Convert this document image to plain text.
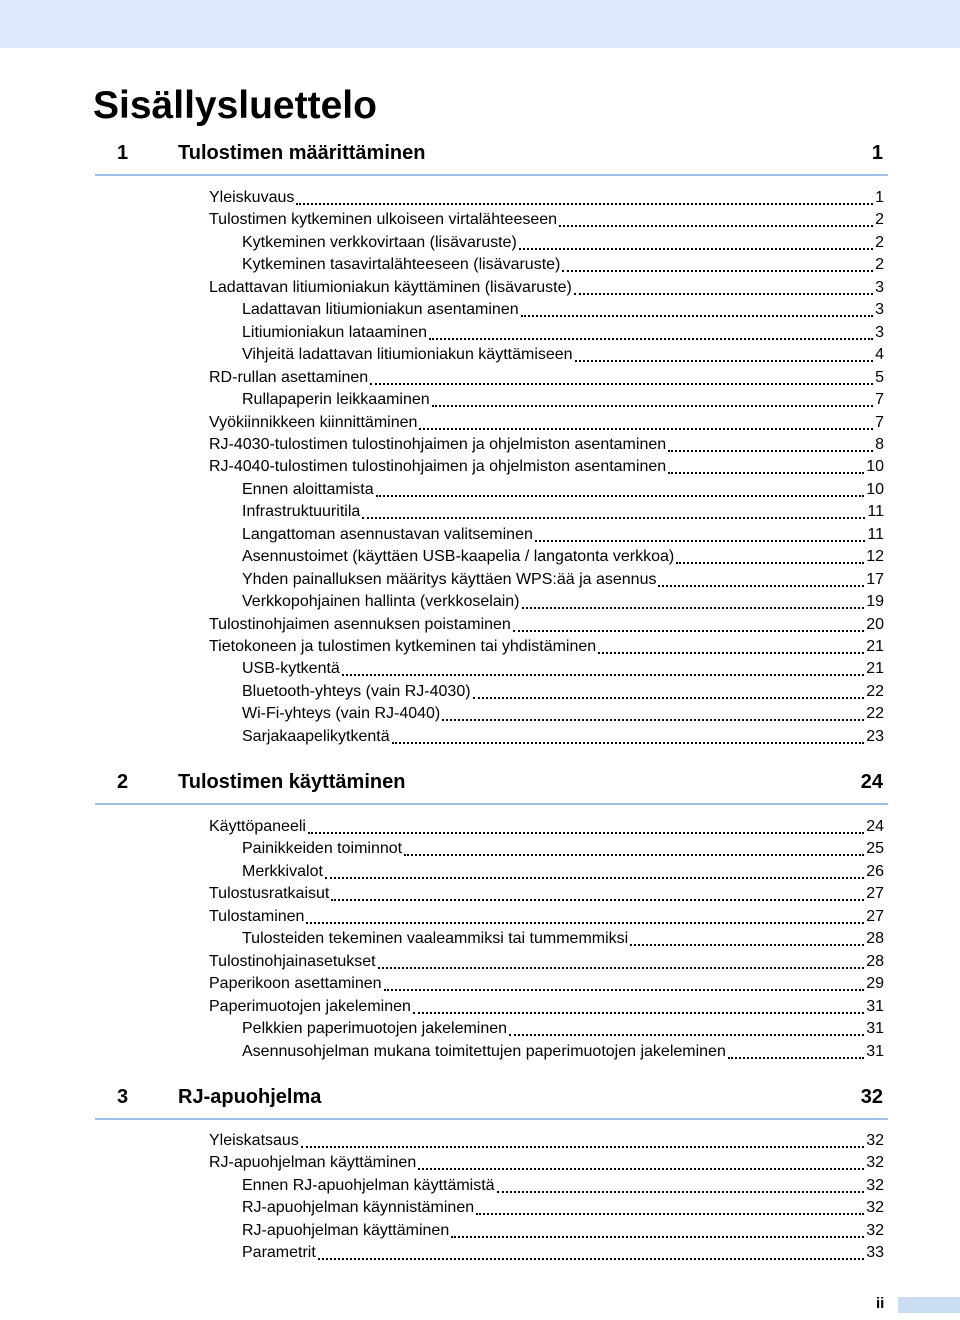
Sisällysluettelo
1 Tulostimen määrittäminen	1
Yleiskuvaus	1
Tulostimen kytkeminen ulkoiseen virtalähteeseen	2
Kytkeminen verkkovirtaan (lisävaruste)	2
Kytkeminen tasavirtalähteeseen (lisävaruste)	2
Ladattavan litiumioniakun käyttäminen (lisävaruste)	3
Ladattavan litiumioniakun asentaminen	3
Litiumioniakun lataaminen	3
Vihjeitä ladattavan litiumioniakun käyttämiseen	4
RD-rullan asettaminen	5
Rullapaperin leikkaaminen	7
Vyökiinnikkeen kiinnittäminen	7
RJ-4030-tulostimen tulostinohjaimen ja ohjelmiston asentaminen	8
RJ-4040-tulostimen tulostinohjaimen ja ohjelmiston asentaminen	10
Ennen aloittamista	10
Infrastruktuuritila	11
Langattoman asennustavan valitseminen	11
Asennustoimet (käyttäen USB-kaapelia / langatonta verkkoa)	12
Yhden painalluksen määritys käyttäen WPS:ää ja asennus	17
Verkkopohjainen hallinta (verkkoselain)	19
Tulostinohjaimen asennuksen poistaminen	20
Tietokoneen ja tulostimen kytkeminen tai yhdistäminen	21
USB-kytkentä	21
Bluetooth-yhteys (vain RJ-4030)	22
Wi-Fi-yhteys (vain RJ-4040)	22
Sarjakaapelikytkentä	23
2 Tulostimen käyttäminen	24
Käyttöpaneeli	24
Painikkeiden toiminnot	25
Merkkivalot	26
Tulostusratkaisut	27
Tulostaminen	27
Tulosteiden tekeminen vaaleammiksi tai tummemmiksi	28
Tulostinohjainasetukset	28
Paperikoon asettaminen	29
Paperimuotojen jakeleminen	31
Pelkkien paperimuotojen jakeleminen	31
Asennusohjelman mukana toimitettujen paperimuotojen jakeleminen	31
3 RJ-apuohjelma	32
Yleiskatsaus	32
RJ-apuohjelman käyttäminen	32
Ennen RJ-apuohjelman käyttämistä	32
RJ-apuohjelman käynnistäminen	32
RJ-apuohjelman käyttäminen	32
Parametrit	33
ii
